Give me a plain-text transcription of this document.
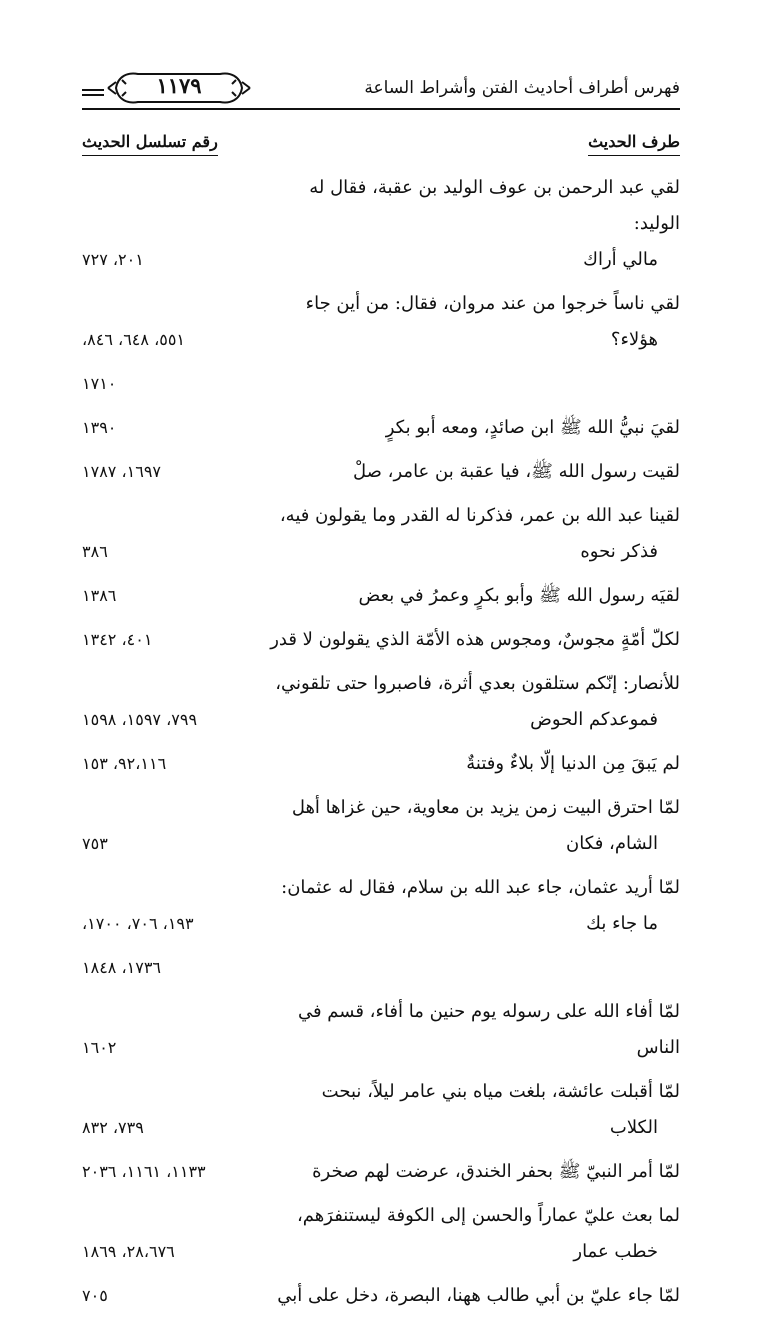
فهرس أطراف أحاديث الفتن وأشراط الساعة
١١٧٩
رقم تسلسل الحديث	طرف الحديث
لقي عبد الرحمن بن عوف الوليد بن عقبة، فقال له الوليد:
مالي أراك
٢٠١، ٧٢٧
لقي ناساً خرجوا من عند مروان، فقال: من أين جاء
هؤلاء؟
٥٥١، ٦٤٨، ٨٤٦،
١٧١٠
لقيَ نبيُّ الله ﷺ ابن صائدٍ، ومعه أبو بكرٍ
١٣٩٠
لقيت رسول الله ﷺ، فيا عقبة بن عامر، صلْ
١٦٩٧، ١٧٨٧
لقينا عبد الله بن عمر، فذكرنا له القدر وما يقولون فيه،
فذكر نحوه
٣٨٦
لقيَه رسول الله ﷺ وأبو بكرٍ وعمرُ في بعض
١٣٨٦
لكلّ أمّةٍ مجوسٌ، ومجوس هذه الأمّة الذي يقولون لا قدر
٤٠١، ١٣٤٢
للأنصار: إنّكم ستلقون بعدي أثرة، فاصبروا حتى تلقوني،
فموعدكم الحوض
٧٩٩، ١٥٩٧، ١٥٩٨
لم يَبقَ مِن الدنيا إلّا بلاءٌ وفتنةٌ
٩٢،١١٦، ١٥٣
لمّا احترق البيت زمن يزيد بن معاوية، حين غزاها أهل
الشام، فكان
٧٥٣
لمّا أريد عثمان، جاء عبد الله بن سلام، فقال له عثمان:
ما جاء بك
١٩٣، ٧٠٦، ١٧٠٠،
١٧٣٦، ١٨٤٨
لمّا أفاء الله على رسوله يوم حنين ما أفاء، قسم في الناس
١٦٠٢
لمّا أقبلت عائشة، بلغت مياه بني عامر ليلاً، نبحت
الكلاب
٧٣٩، ٨٣٢
لمّا أمر النبيّ ﷺ بحفر الخندق، عرضت لهم صخرة
١١٣٣، ١١٦١، ٢٠٣٦
لما بعث عليّ عماراً والحسن إلى الكوفة ليستنفرَهم،
خطب عمار
٢٨،٦٧٦، ١٨٦٩
لمّا جاء عليّ بن أبي طالب ههنا، البصرة، دخل على أبي
٧٠٥
